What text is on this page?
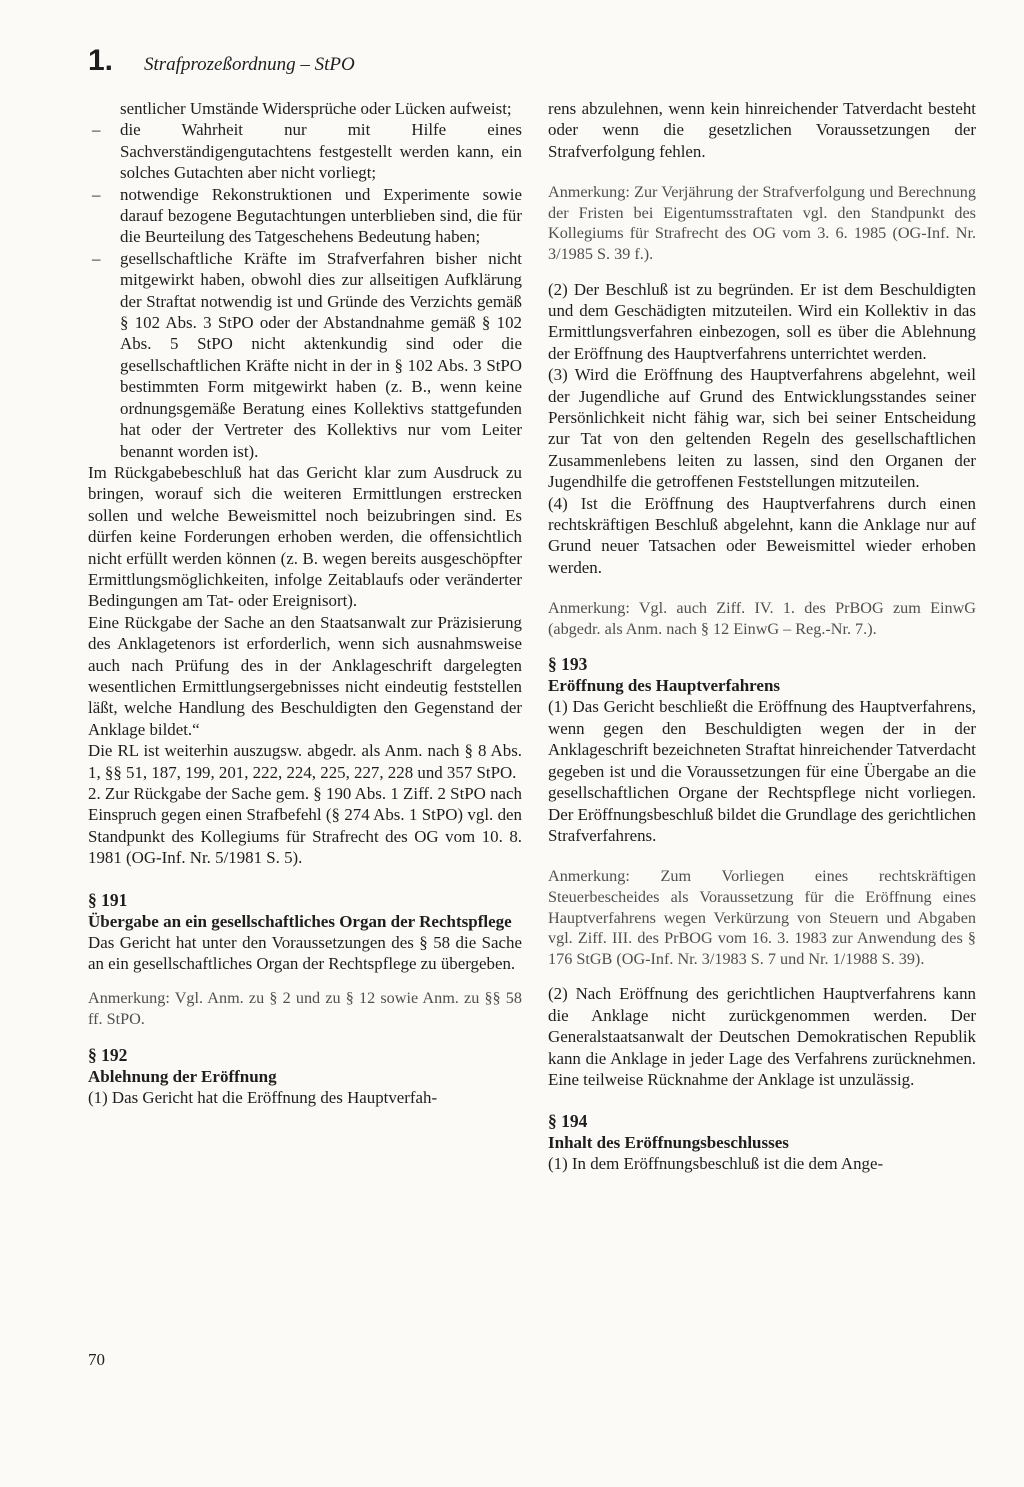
1. Strafprozeßordnung – StPO

sentlicher Umstände Widersprüche oder Lücken aufweist;

– die Wahrheit nur mit Hilfe eines Sachverständigengutachtens festgestellt werden kann, ein solches Gutachten aber nicht vorliegt;

– notwendige Rekonstruktionen und Experimente sowie darauf bezogene Begutachtungen unterblieben sind, die für die Beurteilung des Tatgeschehens Bedeutung haben;

– gesellschaftliche Kräfte im Strafverfahren bisher nicht mitgewirkt haben, obwohl dies zur allseitigen Aufklärung der Straftat notwendig ist und Gründe des Verzichts gemäß § 102 Abs. 3 StPO oder der Abstandnahme gemäß § 102 Abs. 5 StPO nicht aktenkundig sind oder die gesellschaftlichen Kräfte nicht in der in § 102 Abs. 3 StPO bestimmten Form mitgewirkt haben (z. B., wenn keine ordnungsgemäße Beratung eines Kollektivs stattgefunden hat oder der Vertreter des Kollektivs nur vom Leiter benannt worden ist).

Im Rückgabebeschluß hat das Gericht klar zum Ausdruck zu bringen, worauf sich die weiteren Ermittlungen erstrecken sollen und welche Beweismittel noch beizubringen sind. Es dürfen keine Forderungen erhoben werden, die offensichtlich nicht erfüllt werden können (z. B. wegen bereits ausgeschöpfter Ermittlungsmöglichkeiten, infolge Zeitablaufs oder veränderter Bedingungen am Tat- oder Ereignisort).

Eine Rückgabe der Sache an den Staatsanwalt zur Präzisierung des Anklagetenors ist erforderlich, wenn sich ausnahmsweise auch nach Prüfung des in der Anklageschrift dargelegten wesentlichen Ermittlungsergebnisses nicht eindeutig feststellen läßt, welche Handlung des Beschuldigten den Gegenstand der Anklage bildet.“

Die RL ist weiterhin auszugsw. abgedr. als Anm. nach § 8 Abs. 1, §§ 51, 187, 199, 201, 222, 224, 225, 227, 228 und 357 StPO.

2. Zur Rückgabe der Sache gem. § 190 Abs. 1 Ziff. 2 StPO nach Einspruch gegen einen Strafbefehl (§ 274 Abs. 1 StPO) vgl. den Standpunkt des Kollegiums für Strafrecht des OG vom 10. 8. 1981 (OG-Inf. Nr. 5/1981 S. 5).

§ 191
Übergabe an ein gesellschaftliches Organ der Rechtspflege

Das Gericht hat unter den Voraussetzungen des § 58 die Sache an ein gesellschaftliches Organ der Rechtspflege zu übergeben.

Anmerkung: Vgl. Anm. zu § 2 und zu § 12 sowie Anm. zu §§ 58 ff. StPO.

§ 192
Ablehnung der Eröffnung

(1) Das Gericht hat die Eröffnung des Hauptverfah-

rens abzulehnen, wenn kein hinreichender Tatverdacht besteht oder wenn die gesetzlichen Voraussetzungen der Strafverfolgung fehlen.

Anmerkung: Zur Verjährung der Strafverfolgung und Berechnung der Fristen bei Eigentumsstraftaten vgl. den Standpunkt des Kollegiums für Strafrecht des OG vom 3. 6. 1985 (OG-Inf. Nr. 3/1985 S. 39 f.).

(2) Der Beschluß ist zu begründen. Er ist dem Beschuldigten und dem Geschädigten mitzuteilen. Wird ein Kollektiv in das Ermittlungsverfahren einbezogen, soll es über die Ablehnung der Eröffnung des Hauptverfahrens unterrichtet werden.

(3) Wird die Eröffnung des Hauptverfahrens abgelehnt, weil der Jugendliche auf Grund des Entwicklungsstandes seiner Persönlichkeit nicht fähig war, sich bei seiner Entscheidung zur Tat von den geltenden Regeln des gesellschaftlichen Zusammenlebens leiten zu lassen, sind den Organen der Jugendhilfe die getroffenen Feststellungen mitzuteilen.

(4) Ist die Eröffnung des Hauptverfahrens durch einen rechtskräftigen Beschluß abgelehnt, kann die Anklage nur auf Grund neuer Tatsachen oder Beweismittel wieder erhoben werden.

Anmerkung: Vgl. auch Ziff. IV. 1. des PrBOG zum EinwG (abgedr. als Anm. nach § 12 EinwG – Reg.-Nr. 7.).

§ 193
Eröffnung des Hauptverfahrens

(1) Das Gericht beschließt die Eröffnung des Hauptverfahrens, wenn gegen den Beschuldigten wegen der in der Anklageschrift bezeichneten Straftat hinreichender Tatverdacht gegeben ist und die Voraussetzungen für eine Übergabe an die gesellschaftlichen Organe der Rechtspflege nicht vorliegen. Der Eröffnungsbeschluß bildet die Grundlage des gerichtlichen Strafverfahrens.

Anmerkung: Zum Vorliegen eines rechtskräftigen Steuerbescheides als Voraussetzung für die Eröffnung eines Hauptverfahrens wegen Verkürzung von Steuern und Abgaben vgl. Ziff. III. des PrBOG vom 16. 3. 1983 zur Anwendung des § 176 StGB (OG-Inf. Nr. 3/1983 S. 7 und Nr. 1/1988 S. 39).

(2) Nach Eröffnung des gerichtlichen Hauptverfahrens kann die Anklage nicht zurückgenommen werden. Der Generalstaatsanwalt der Deutschen Demokratischen Republik kann die Anklage in jeder Lage des Verfahrens zurücknehmen. Eine teilweise Rücknahme der Anklage ist unzulässig.

§ 194
Inhalt des Eröffnungsbeschlusses

(1) In dem Eröffnungsbeschluß ist die dem Ange-

70
